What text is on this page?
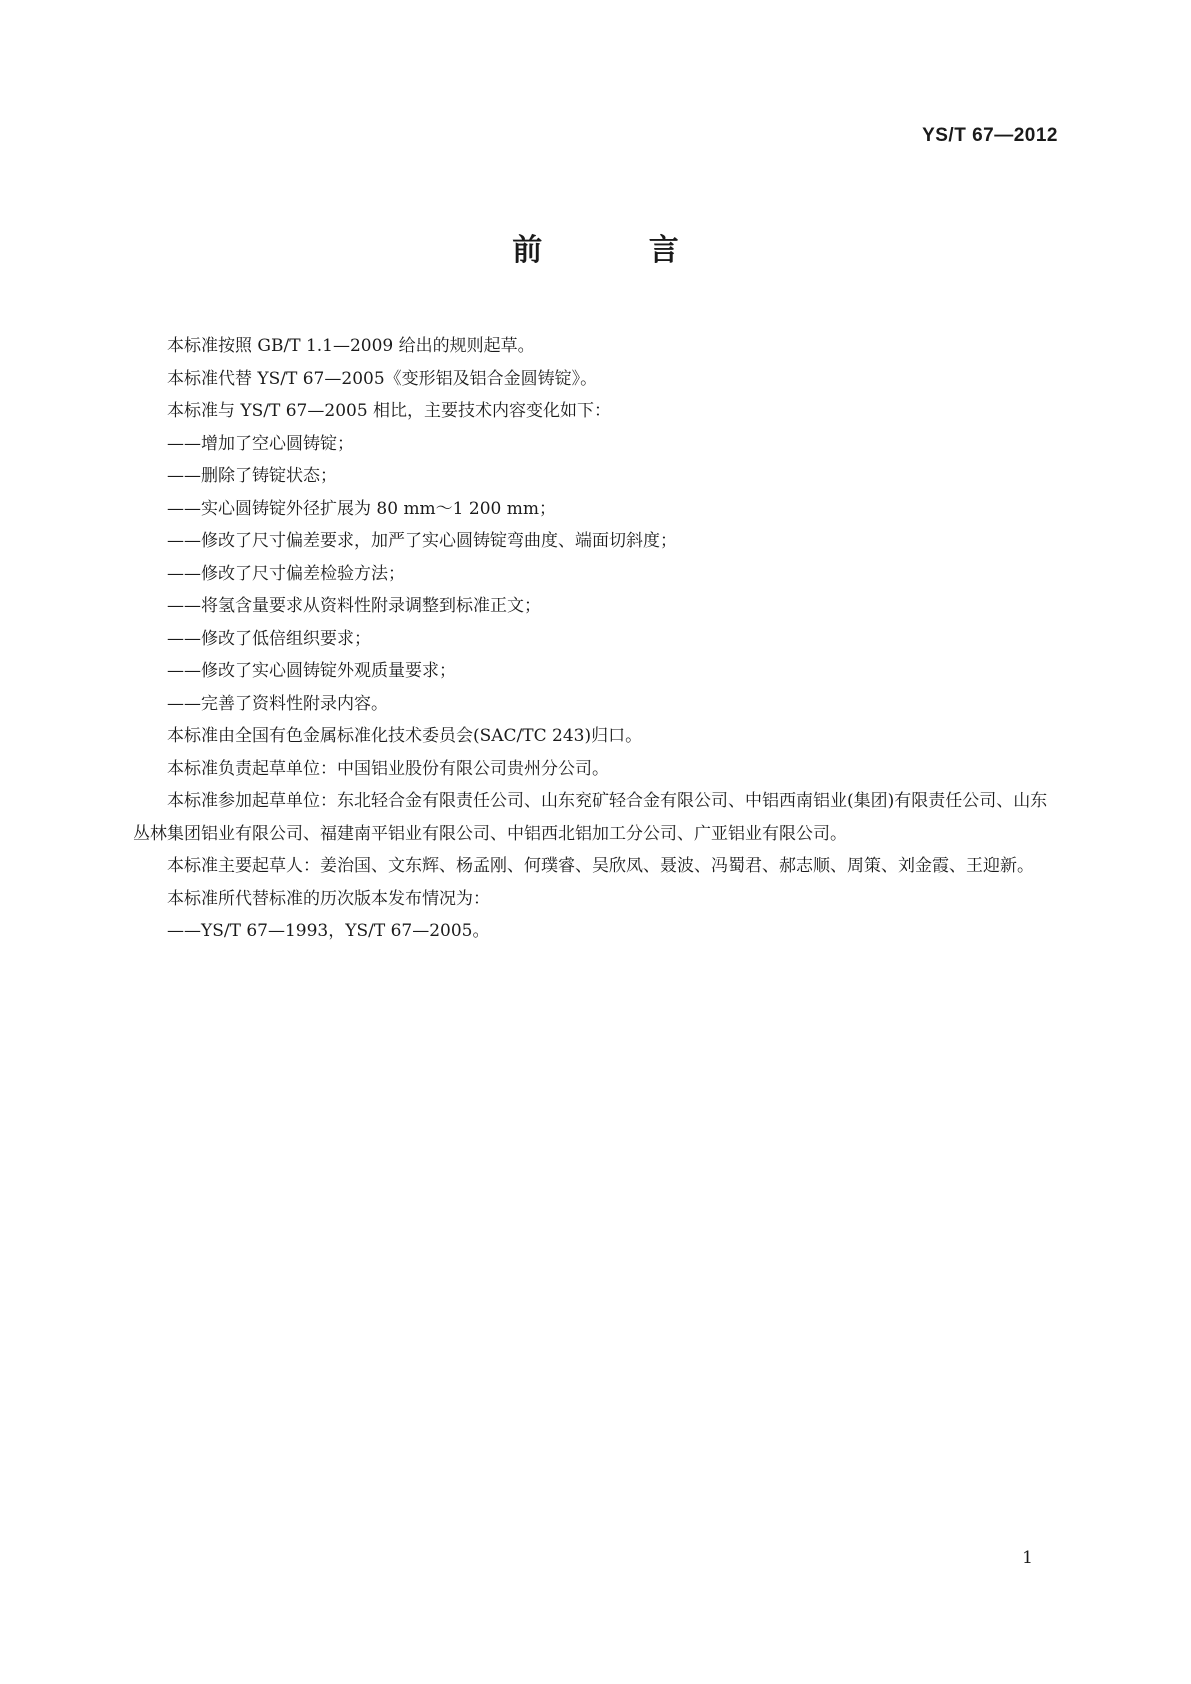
YS/T 67—2012
前 言

本标准按照 GB/T 1.1—2009 给出的规则起草。

本标准代替 YS/T 67—2005《变形铝及铝合金圆铸锭》。

本标准与 YS/T 67—2005 相比，主要技术内容变化如下：

——增加了空心圆铸锭；

——删除了铸锭状态；

——实心圆铸锭外径扩展为 80 mm～1 200 mm；

——修改了尺寸偏差要求，加严了实心圆铸锭弯曲度、端面切斜度；

——修改了尺寸偏差检验方法；

——将氢含量要求从资料性附录调整到标准正文；

——修改了低倍组织要求；

——修改了实心圆铸锭外观质量要求；

——完善了资料性附录内容。

本标准由全国有色金属标准化技术委员会(SAC/TC 243)归口。

本标准负责起草单位：中国铝业股份有限公司贵州分公司。

本标准参加起草单位：东北轻合金有限责任公司、山东兖矿轻合金有限公司、中铝西南铝业(集团)有限责任公司、山东丛林集团铝业有限公司、福建南平铝业有限公司、中铝西北铝加工分公司、广亚铝业有限公司。

本标准主要起草人：姜治国、文东辉、杨孟刚、何璞睿、吴欣凤、聂波、冯蜀君、郝志顺、周策、刘金霞、王迎新。

本标准所代替标准的历次版本发布情况为：

——YS/T 67—1993，YS/T 67—2005。

1
